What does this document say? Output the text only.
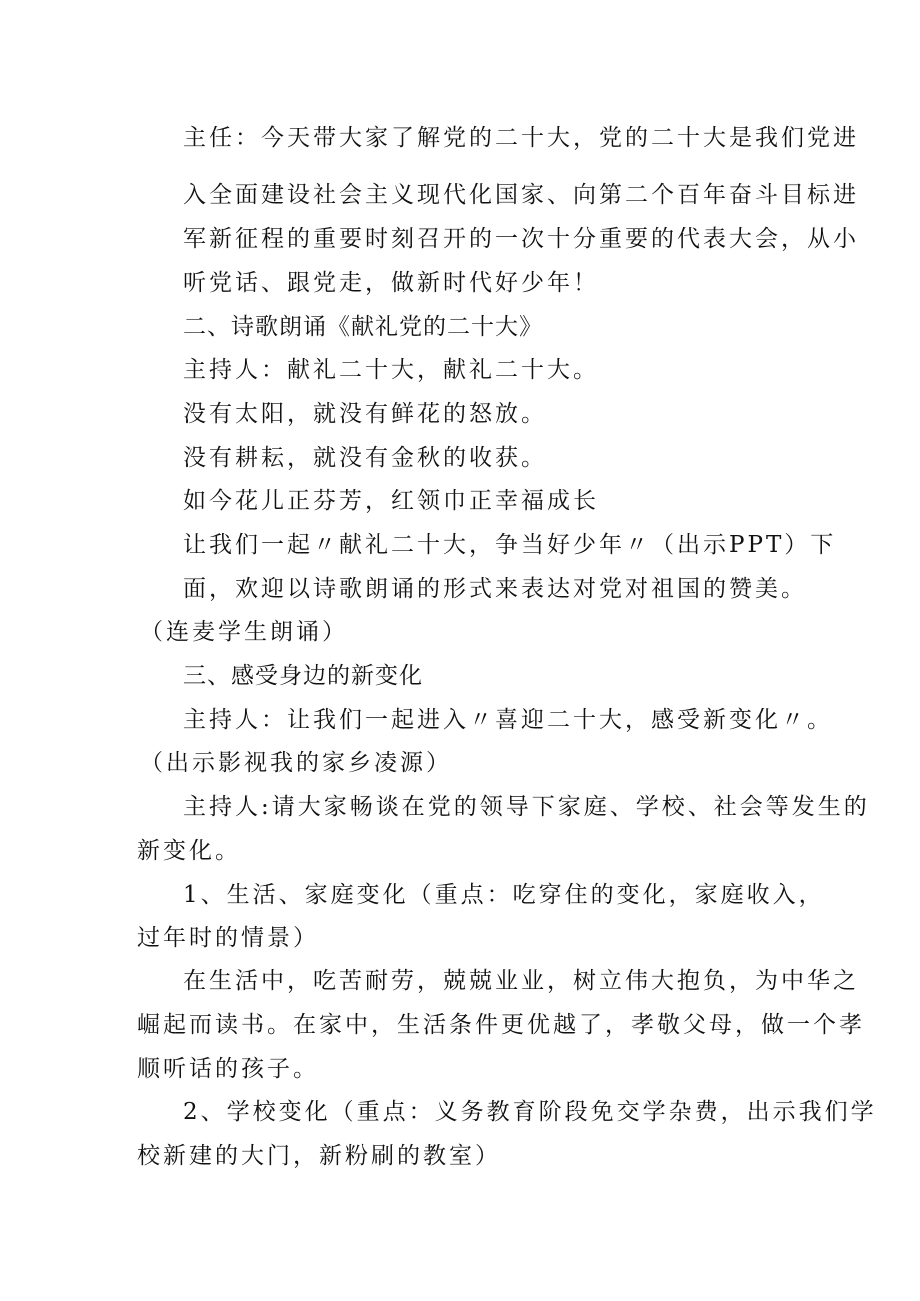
主任：今天带大家了解党的二十大，党的二十大是我们党进
入全面建设社会主义现代化国家、向第二个百年奋斗目标进
军新征程的重要时刻召开的一次十分重要的代表大会，从小
听党话、跟党走，做新时代好少年！
二、诗歌朗诵《献礼党的二十大》
主持人：献礼二十大，献礼二十大。
没有太阳，就没有鲜花的怒放。
没有耕耘，就没有金秋的收获。
如今花儿正芬芳，红领巾正幸福成长
让我们一起〃献礼二十大，争当好少年〃（出示PPT）下
面，欢迎以诗歌朗诵的形式来表达对党对祖国的赞美。
（连麦学生朗诵）
三、感受身边的新变化
主持人：让我们一起进入〃喜迎二十大，感受新变化〃。
（出示影视我的家乡凌源）
主持人:请大家畅谈在党的领导下家庭、学校、社会等发生的
新变化。
1、生活、家庭变化（重点：吃穿住的变化，家庭收入，
过年时的情景）
在生活中，吃苦耐劳，兢兢业业，树立伟大抱负，为中华之
崛起而读书。在家中，生活条件更优越了，孝敬父母，做一个孝
顺听话的孩子。
2、学校变化（重点：义务教育阶段免交学杂费，出示我们学
校新建的大门，新粉刷的教室）
